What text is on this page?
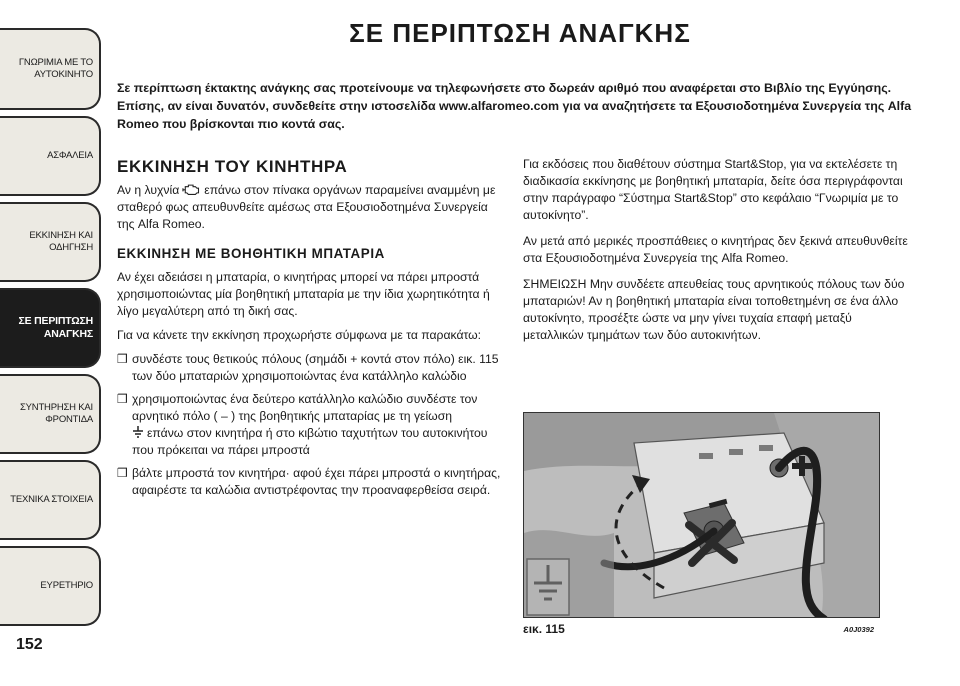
ΓΝΩΡΙΜΙΑ ΜΕ ΤΟ
ΑΥΤΟΚΙΝΗΤΟ
ΑΣΦΑΛΕΙΑ
ΕΚΚΙΝΗΣΗ ΚΑΙ
ΟΔΗΓΗΣΗ
ΣΕ ΠΕΡΙΠΤΩΣΗ
ΑΝΑΓΚΗΣ
ΣΥΝΤΗΡΗΣΗ ΚΑΙ
ΦΡΟΝΤΙΔΑ
ΤΕΧΝΙΚΑ ΣΤΟΙΧΕΙΑ
ΕΥΡΕΤΗΡΙΟ
152
ΣΕ ΠΕΡΙΠΤΩΣΗ ΑΝΑΓΚΗΣ
Σε περίπτωση έκτακτης ανάγκης σας προτείνουμε να τηλεφωνήσετε στο δωρεάν αριθμό που αναφέρεται στο Βιβλίο της Εγγύησης. Επίσης, αν είναι δυνατόν, συνδεθείτε στην ιστοσελίδα www.alfaromeo.com για να αναζητήσετε τα Εξουσιοδοτημένα Συνεργεία της Alfa Romeo που βρίσκονται πιο κοντά σας.
ΕΚΚΙΝΗΣΗ ΤΟΥ ΚΙΝΗΤΗΡΑ

Αν η λυχνία επάνω στον πίνακα οργάνων παραμείνει αναμμένη με σταθερό φως απευθυνθείτε αμέσως στα Εξουσιοδοτημένα Συνεργεία της Alfa Romeo.

ΕΚΚΙΝΗΣΗ ΜΕ ΒΟΗΘΗΤΙΚΗ ΜΠΑΤΑΡΙΑ

Αν έχει αδειάσει η μπαταρία, ο κινητήρας μπορεί να πάρει μπροστά χρησιμοποιώντας μία βοηθητική μπαταρία με την ίδια χωρητικότητα ή λίγο μεγαλύτερη από τη δική σας.

Για να κάνετε την εκκίνηση προχωρήστε σύμφωνα με τα παρακάτω:

❒ συνδέστε τους θετικούς πόλους (σημάδι + κοντά στον πόλο) εικ. 115 των δύο μπαταριών χρησιμοποιώντας ένα κατάλληλο καλώδιο
❒ χρησιμοποιώντας ένα δεύτερο κατάλληλο καλώδιο συνδέστε τον αρνητικό πόλο ( – ) της βοηθητικής μπαταρίας με τη γείωση
επάνω στον κινητήρα ή στο κιβώτιο ταχυτήτων του αυτοκινήτου που πρόκειται να πάρει μπροστά
❒ βάλτε μπροστά τον κινητήρα· αφού έχει πάρει μπροστά ο κινητήρας, αφαιρέστε τα καλώδια αντιστρέφοντας την προαναφερθείσα σειρά.

Για εκδόσεις που διαθέτουν σύστημα Start&Stop, για να εκτελέσετε τη διαδικασία εκκίνησης με βοηθητική μπαταρία, δείτε όσα περιγράφονται στην παράγραφο “Σύστημα Start&Stop” στο κεφάλαιο “Γνωριμία με το αυτοκίνητο”.

Αν μετά από μερικές προσπάθειες ο κινητήρας δεν ξεκινά απευθυνθείτε στα Εξουσιοδοτημένα Συνεργεία της Alfa Romeo.

ΣΗΜΕΙΩΣΗ Μην συνδέετε απευθείας τους αρνητικούς πόλους των δύο μπαταριών! Αν η βοηθητική μπαταρία είναι τοποθετημένη σε ένα άλλο αυτοκίνητο, προσέξτε ώστε να μην γίνει τυχαία επαφή μεταξύ μεταλλικών τμημάτων των δύο αυτοκινήτων.

εικ. 115	A0J0392
